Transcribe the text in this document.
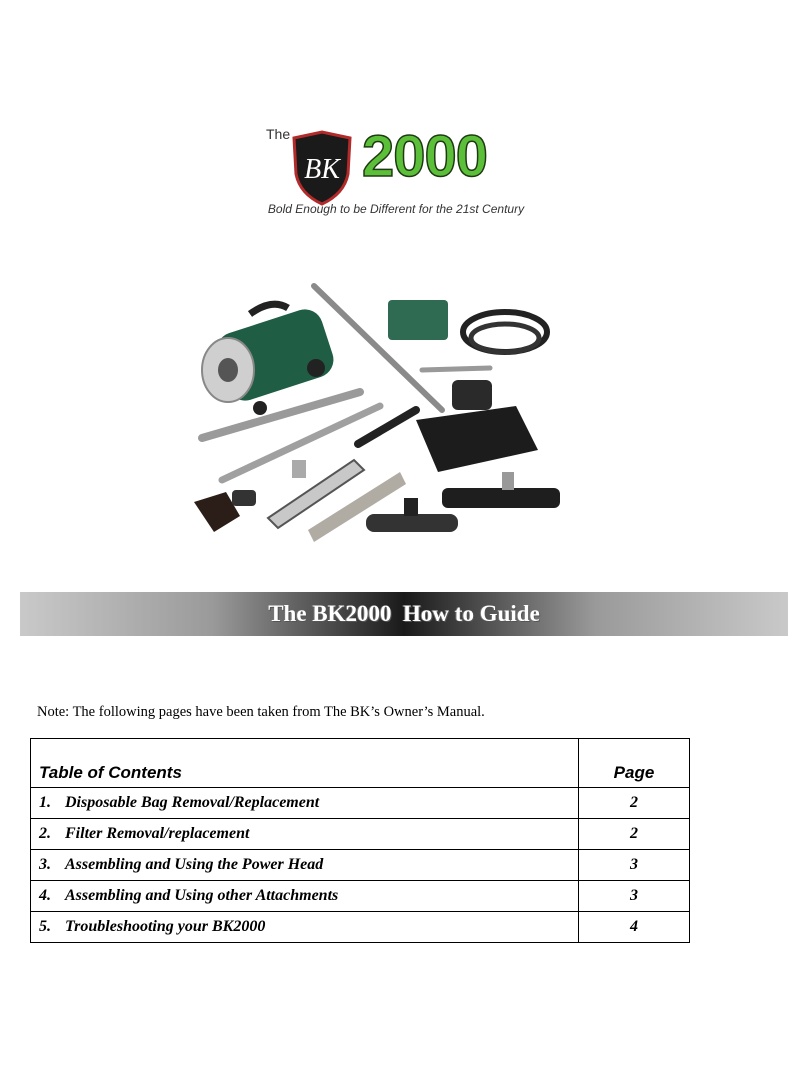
The
BK 2000
Bold Enough to be Different for the 21st Century
The BK2000  How to Guide
Note: The following pages have been taken from The BK’s Owner’s Manual.
Table of Contents	Page
1. Disposable Bag Removal/Replacement	2
2. Filter Removal/replacement	2
3. Assembling and Using the Power Head	3
4. Assembling and Using other Attachments	3
5. Troubleshooting your BK2000	4
